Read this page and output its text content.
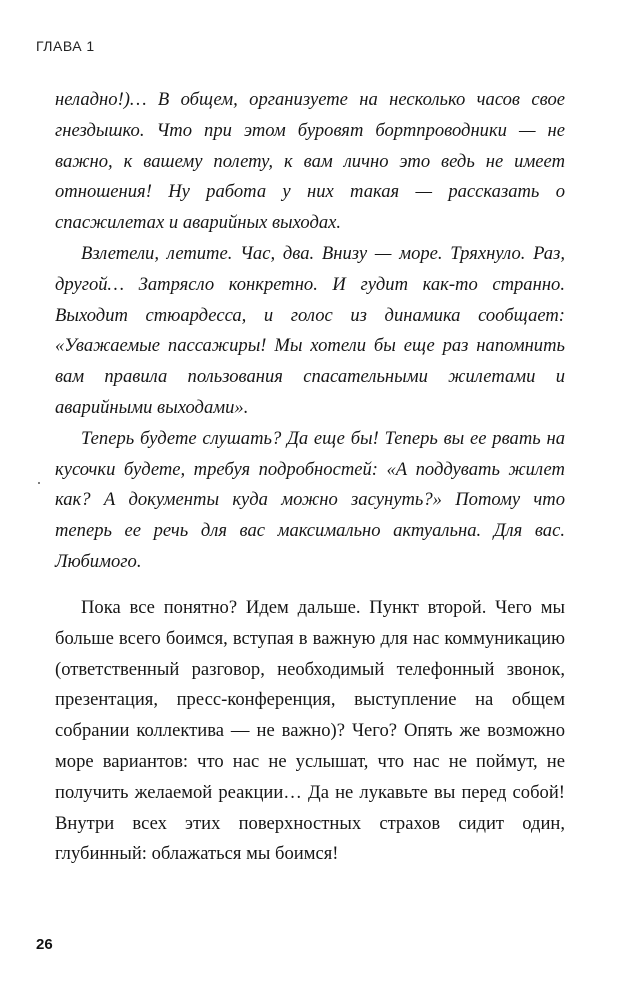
ГЛАВА 1

неладно!)… В общем, организуете на несколько часов свое гнездышко. Что при этом буровят бортпроводники — не важно, к вашему полету, к вам лично это ведь не имеет отношения! Ну работа у них такая — рассказать о спасжилетах и аварийных выходах.

Взлетели, летите. Час, два. Внизу — море. Тряхнуло. Раз, другой… Затрясло конкретно. И гудит как-то странно. Выходит стюардесса, и голос из динамика сообщает: «Уважаемые пассажиры! Мы хотели бы еще раз напомнить вам правила пользования спасательными жилетами и аварийными выходами».

Теперь будете слушать? Да еще бы! Теперь вы ее рвать на кусочки будете, требуя подробностей: «А поддувать жилет как? А документы куда можно засунуть?» Потому что теперь ее речь для вас максимально актуальна. Для вас. Любимого.

Пока все понятно? Идем дальше. Пункт второй. Чего мы больше всего боимся, вступая в важную для нас коммуникацию (ответственный разговор, необходимый телефонный звонок, презентация, пресс-конференция, выступление на общем собрании коллектива — не важно)? Чего? Опять же возможно море вариантов: что нас не услышат, что нас не поймут, не получить желаемой реакции… Да не лукавьте вы перед собой! Внутри всех этих поверхностных страхов сидит один, глубинный: облажаться мы боимся!

26
